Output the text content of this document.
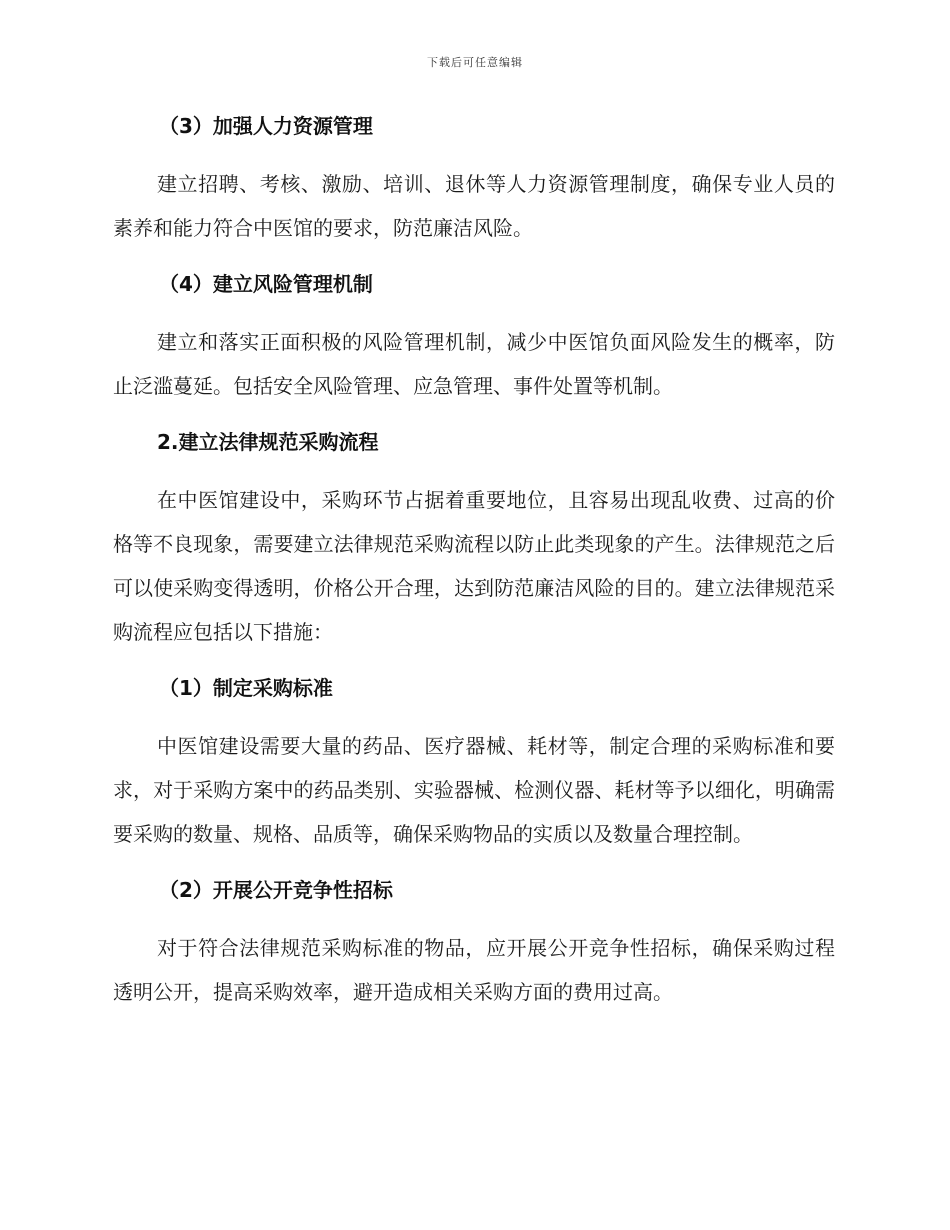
下载后可任意编辑
（3）加强人力资源管理

建立招聘、考核、激励、培训、退休等人力资源管理制度，确保专业人员的素养和能力符合中医馆的要求，防范廉洁风险。

（4）建立风险管理机制

建立和落实正面积极的风险管理机制，减少中医馆负面风险发生的概率，防止泛滥蔓延。包括安全风险管理、应急管理、事件处置等机制。

2.建立法律规范采购流程

在中医馆建设中，采购环节占据着重要地位，且容易出现乱收费、过高的价格等不良现象，需要建立法律规范采购流程以防止此类现象的产生。法律规范之后可以使采购变得透明，价格公开合理，达到防范廉洁风险的目的。建立法律规范采购流程应包括以下措施：

（1）制定采购标准

中医馆建设需要大量的药品、医疗器械、耗材等，制定合理的采购标准和要求，对于采购方案中的药品类别、实验器械、检测仪器、耗材等予以细化，明确需要采购的数量、规格、品质等，确保采购物品的实质以及数量合理控制。

（2）开展公开竞争性招标

对于符合法律规范采购标准的物品，应开展公开竞争性招标，确保采购过程透明公开，提高采购效率，避开造成相关采购方面的费用过高。
